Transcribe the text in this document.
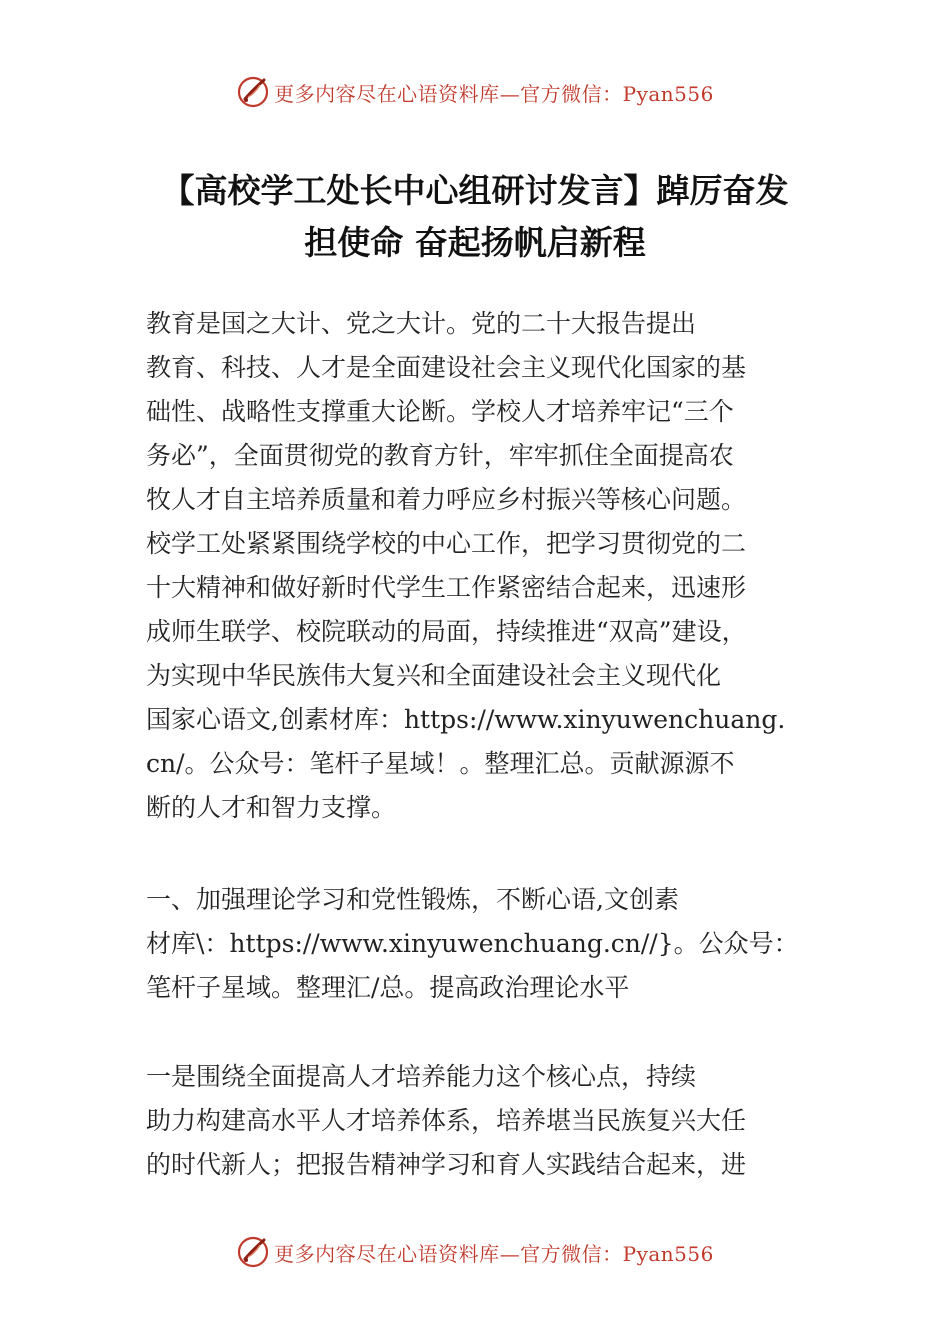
更多内容尽在心语资料库—官方微信：Pyan556
【高校学工处长中心组研讨发言】踔厉奋发
担使命 奋起扬帆启新程
教育是国之大计、党之大计。党的二十大报告提出
教育、科技、人才是全面建设社会主义现代化国家的基
础性、战略性支撑重大论断。学校人才培养牢记“三个
务必”，全面贯彻党的教育方针，牢牢抓住全面提高农
牧人才自主培养质量和着力呼应乡村振兴等核心问题。
校学工处紧紧围绕学校的中心工作，把学习贯彻党的二
十大精神和做好新时代学生工作紧密结合起来，迅速形
成师生联学、校院联动的局面，持续推进“双高”建设，
为实现中华民族伟大复兴和全面建设社会主义现代化
国家心语文,创素材库：https://www.xinyuwenchuang.
cn/。公众号：笔杆子星域！。整理汇总。贡献源源不
断的人才和智力支撑。
一、加强理论学习和党性锻炼，不断心语,文创素
材库\：https://www.xinyuwenchuang.cn//}。公众号：
笔杆子星域。整理汇/总。提高政治理论水平
一是围绕全面提高人才培养能力这个核心点，持续
助力构建高水平人才培养体系，培养堪当民族复兴大任
的时代新人；把报告精神学习和育人实践结合起来，进
更多内容尽在心语资料库—官方微信：Pyan556
